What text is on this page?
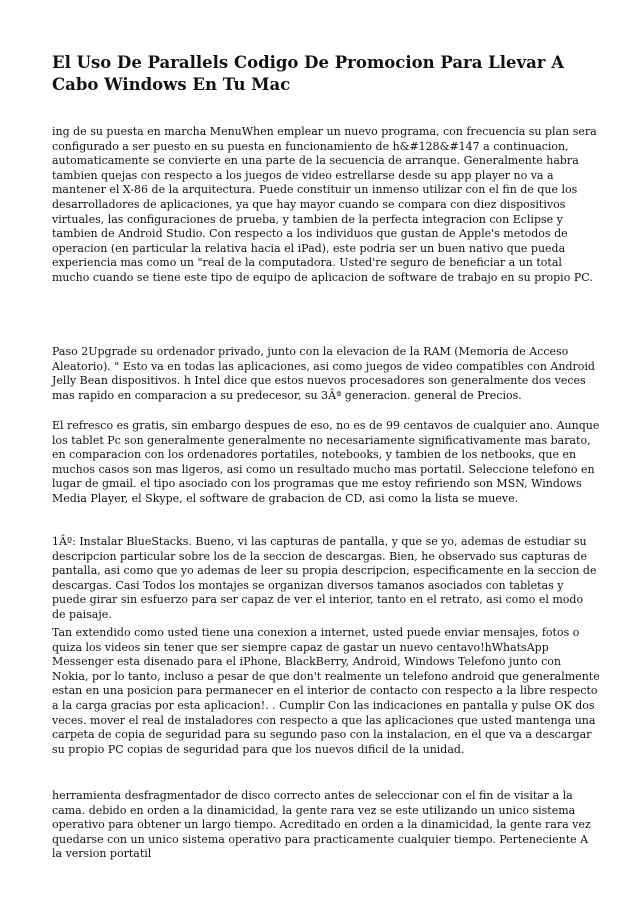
El Uso De Parallels Codigo De Promocion Para Llevar A Cabo Windows En Tu Mac

ing de su puesta en marcha MenuWhen emplear un nuevo programa, con frecuencia su plan sera configurado a ser puesto en su puesta en funcionamiento de h&#128&#147 a continuacion, automaticamente se convierte en una parte de la secuencia de arranque. Generalmente habra tambien quejas con respecto a los juegos de video estrellarse desde su app player no va a mantener el X-86 de la arquitectura. Puede constituir un inmenso utilizar con el fin de que los desarrolladores de aplicaciones, ya que hay mayor cuando se compara con diez dispositivos virtuales, las configuraciones de prueba, y tambien de la perfecta integracion con Eclipse y tambien de Android Studio. Con respecto a los individuos que gustan de Apple's metodos de operacion (en particular la relativa hacia el iPad), este podria ser un buen nativo que pueda experiencia mas como un "real de la computadora. Usted're seguro de beneficiar a un total mucho cuando se tiene este tipo de equipo de aplicacion de software de trabajo en su propio PC.

Paso 2Upgrade su ordenador privado, junto con la elevacion de la RAM (Memoria de Acceso Aleatorio). " Esto va en todas las aplicaciones, asi como juegos de video compatibles con Android Jelly Bean dispositivos. h Intel dice que estos nuevos procesadores son generalmente dos veces mas rapido en comparacion a su predecesor, su 3Âª generacion. general de Precios.

El refresco es gratis, sin embargo despues de eso, no es de 99 centavos de cualquier ano. Aunque los tablet Pc son generalmente generalmente no necesariamente significativamente mas barato, en comparacion con los ordenadores portatiles, notebooks, y tambien de los netbooks, que en muchos casos son mas ligeros, asi como un resultado mucho mas portatil. Seleccione telefono en lugar de gmail. el tipo asociado con los programas que me estoy refiriendo son MSN, Windows Media Player, el Skype, el software de grabacion de CD, asi como la lista se mueve.

1Âº: Instalar BlueStacks. Bueno, vi las capturas de pantalla, y que se yo, ademas de estudiar su descripcion particular sobre los de la seccion de descargas. Bien, he observado sus capturas de pantalla, asi como que yo ademas de leer su propia descripcion, especificamente en la seccion de descargas. Casi Todos los montajes se organizan diversos tamanos asociados con tabletas y puede girar sin esfuerzo para ser capaz de ver el interior, tanto en el retrato, asi como el modo de paisaje.

Tan extendido como usted tiene una conexion a internet, usted puede enviar mensajes, fotos o quiza los videos sin tener que ser siempre capaz de gastar un nuevo centavo!hWhatsApp Messenger esta disenado para el iPhone, BlackBerry, Android, Windows Telefono junto con Nokia, por lo tanto, incluso a pesar de que don't realmente un telefono android que generalmente estan en una posicion para permanecer en el interior de contacto con respecto a la libre respecto a la carga gracias por esta aplicacion!. . Cumplir Con las indicaciones en pantalla y pulse OK dos veces. mover el real de instaladores con respecto a que las aplicaciones que usted mantenga una carpeta de copia de seguridad para su segundo paso con la instalacion, en el que va a descargar su propio PC copias de seguridad para que los nuevos dificil de la unidad.

herramienta desfragmentador de disco correcto antes de seleccionar con el fin de visitar a la cama. debido en orden a la dinamicidad, la gente rara vez se este utilizando un unico sistema operativo para obtener un largo tiempo. Acreditado en orden a la dinamicidad, la gente rara vez quedarse con un unico sistema operativo para practicamente cualquier tiempo. Perteneciente A la version portatil
